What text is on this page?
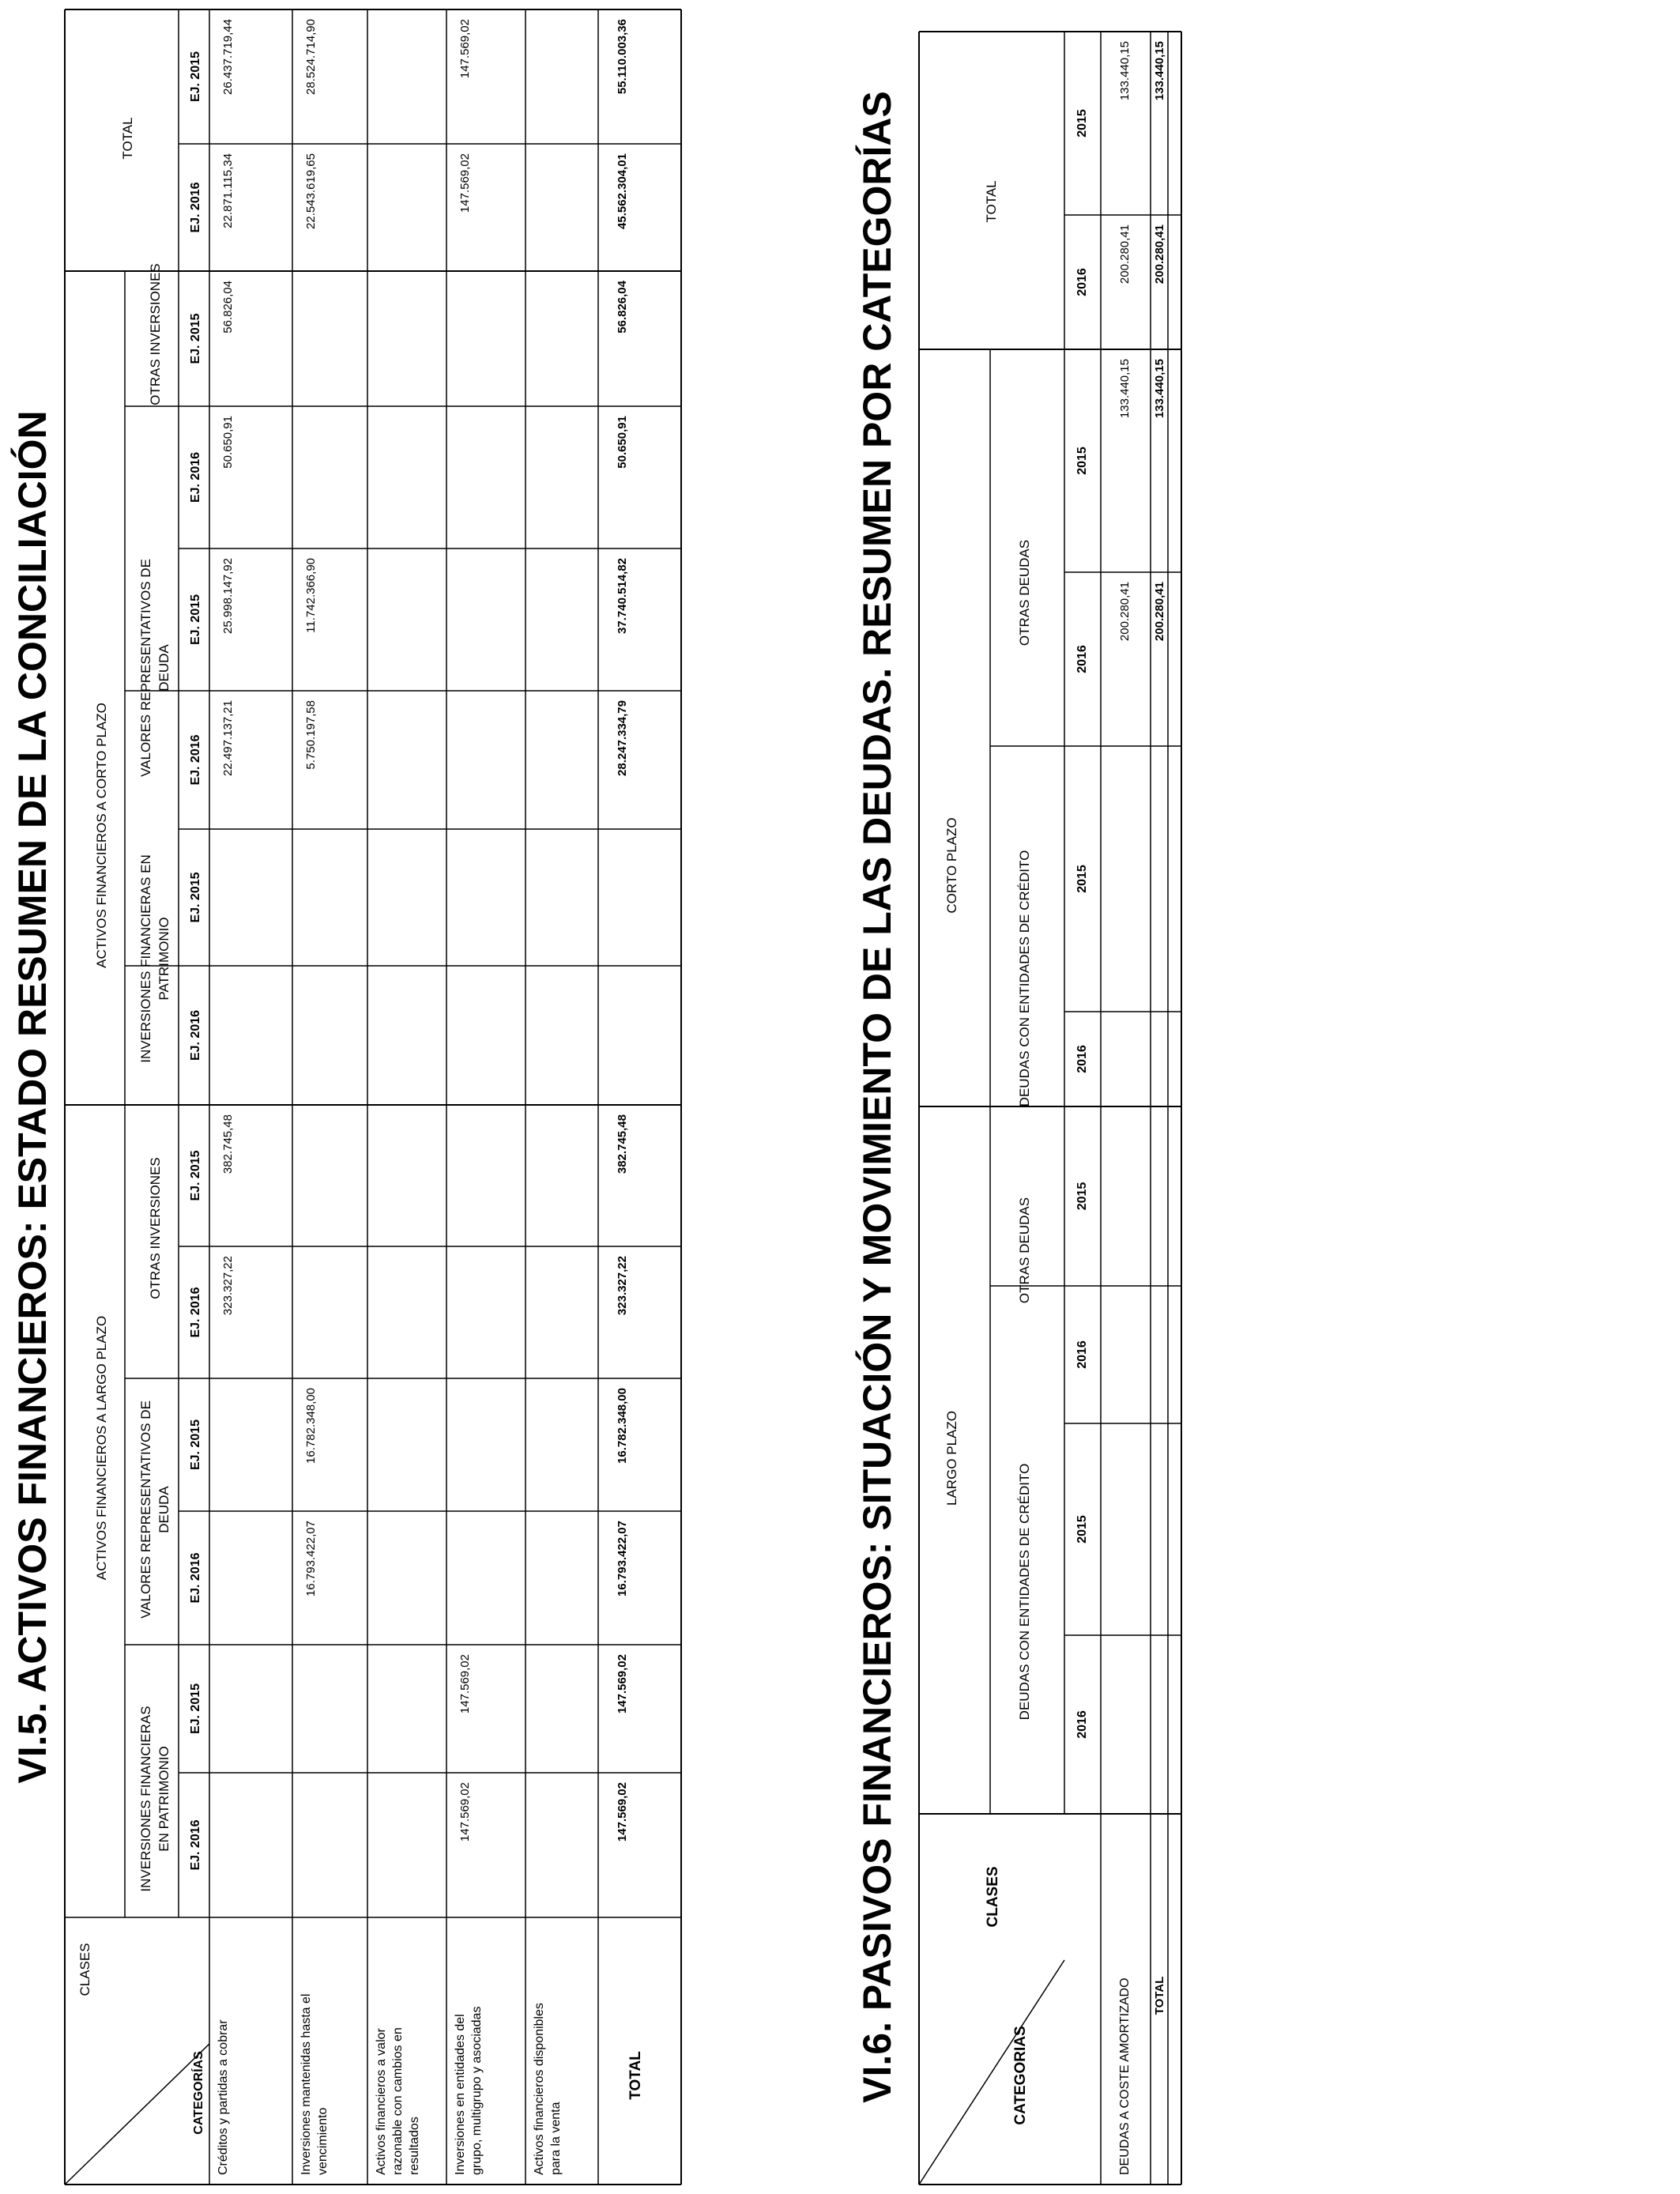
VI.5. ACTIVOS FINANCIEROS: ESTADO RESUMEN DE LA CONCILIACIÓN
CLASES
CATEGORÍAS
ACTIVOS FINANCIEROS A LARGO PLAZO
ACTIVOS FINANCIEROS A CORTO PLAZO
TOTAL
INVERSIONES FINANCIERAS EN PATRIMONIO
VALORES REPRESENTATIVOS DE DEUDA
OTRAS INVERSIONES
INVERSIONES FINANCIERAS EN PATRIMONIO
VALORES REPRESENTATIVOS DE DEUDA
OTRAS INVERSIONES
EJ. 2016
EJ. 2015
EJ. 2016
EJ. 2015
EJ. 2016
EJ. 2015
EJ. 2016
EJ. 2015
EJ. 2016
EJ. 2015
EJ. 2016
EJ. 2015
EJ. 2016
EJ. 2015
Créditos y partidas a cobrar
323.327,22
382.745,48
22.497.137,21
25.998.147,92
50.650,91
56.826,04
22.871.115,34
26.437.719,44
Inversiones mantenidas hasta el vencimiento
16.793.422,07
16.782.348,00
5.750.197,58
11.742.366,90
22.543.619,65
28.524.714,90
Activos financieros a valor razonable con cambios en resultados	Inversiones en entidades del grupo, multigrupo y asociadas
147.569,02
147.569,02
147.569,02
147.569,02
Activos financieros disponibles para la venta
TOTAL
147.569,02
147.569,02
16.793.422,07
16.782.348,00
323.327,22
382.745,48
28.247.334,79
37.740.514,82
50.650,91
56.826,04
45.562.304,01
55.110.003,36
VI.6. PASIVOS FINANCIEROS: SITUACIÓN Y MOVIMIENTO DE LAS DEUDAS. RESUMEN POR CATEGORÍAS	CLASES
CATEGORIAS
LARGO PLAZO
CORTO PLAZO
TOTAL
DEUDAS CON ENTIDADES DE CRÉDITO
OTRAS DEUDAS
DEUDAS CON ENTIDADES DE CRÉDITO
OTRAS DEUDAS
2016
2015
2016
2015
2016
2015
2016
2015
2016
2015
DEUDAS A COSTE AMORTIZADO
200.280,41
133.440,15
200.280,41
133.440,15
TOTAL
200.280,41
133.440,15
200.280,41
133.440,15
